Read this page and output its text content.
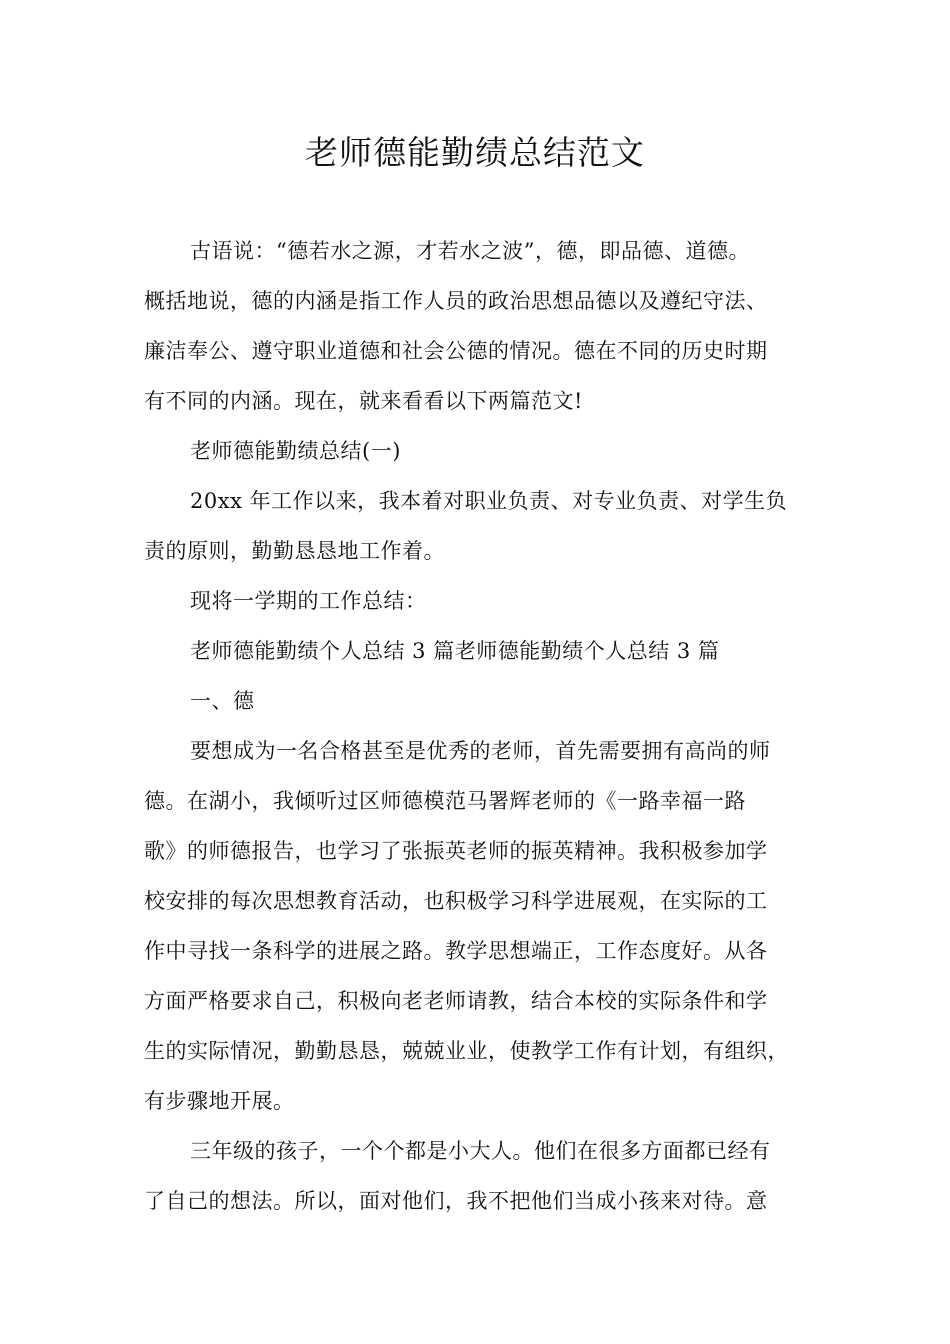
老师德能勤绩总结范文

古语说：“德若水之源，才若水之波”，德，即品德、道德。
概括地说，德的内涵是指工作人员的政治思想品德以及遵纪守法、
廉洁奉公、遵守职业道德和社会公德的情况。德在不同的历史时期
有不同的内涵。现在，就来看看以下两篇范文!

老师德能勤绩总结(一)

20xx 年工作以来，我本着对职业负责、对专业负责、对学生负
责的原则，勤勤恳恳地工作着。

现将一学期的工作总结：

老师德能勤绩个人总结 3 篇老师德能勤绩个人总结 3 篇

一、德

要想成为一名合格甚至是优秀的老师，首先需要拥有高尚的师
德。在湖小，我倾听过区师德模范马署辉老师的《一路幸福一路
歌》的师德报告，也学习了张振英老师的振英精神。我积极参加学
校安排的每次思想教育活动，也积极学习科学进展观，在实际的工
作中寻找一条科学的进展之路。教学思想端正，工作态度好。从各
方面严格要求自己，积极向老老师请教，结合本校的实际条件和学
生的实际情况，勤勤恳恳，兢兢业业，使教学工作有计划，有组织，
有步骤地开展。

三年级的孩子，一个个都是小大人。他们在很多方面都已经有
了自己的想法。所以，面对他们，我不把他们当成小孩来对待。意
